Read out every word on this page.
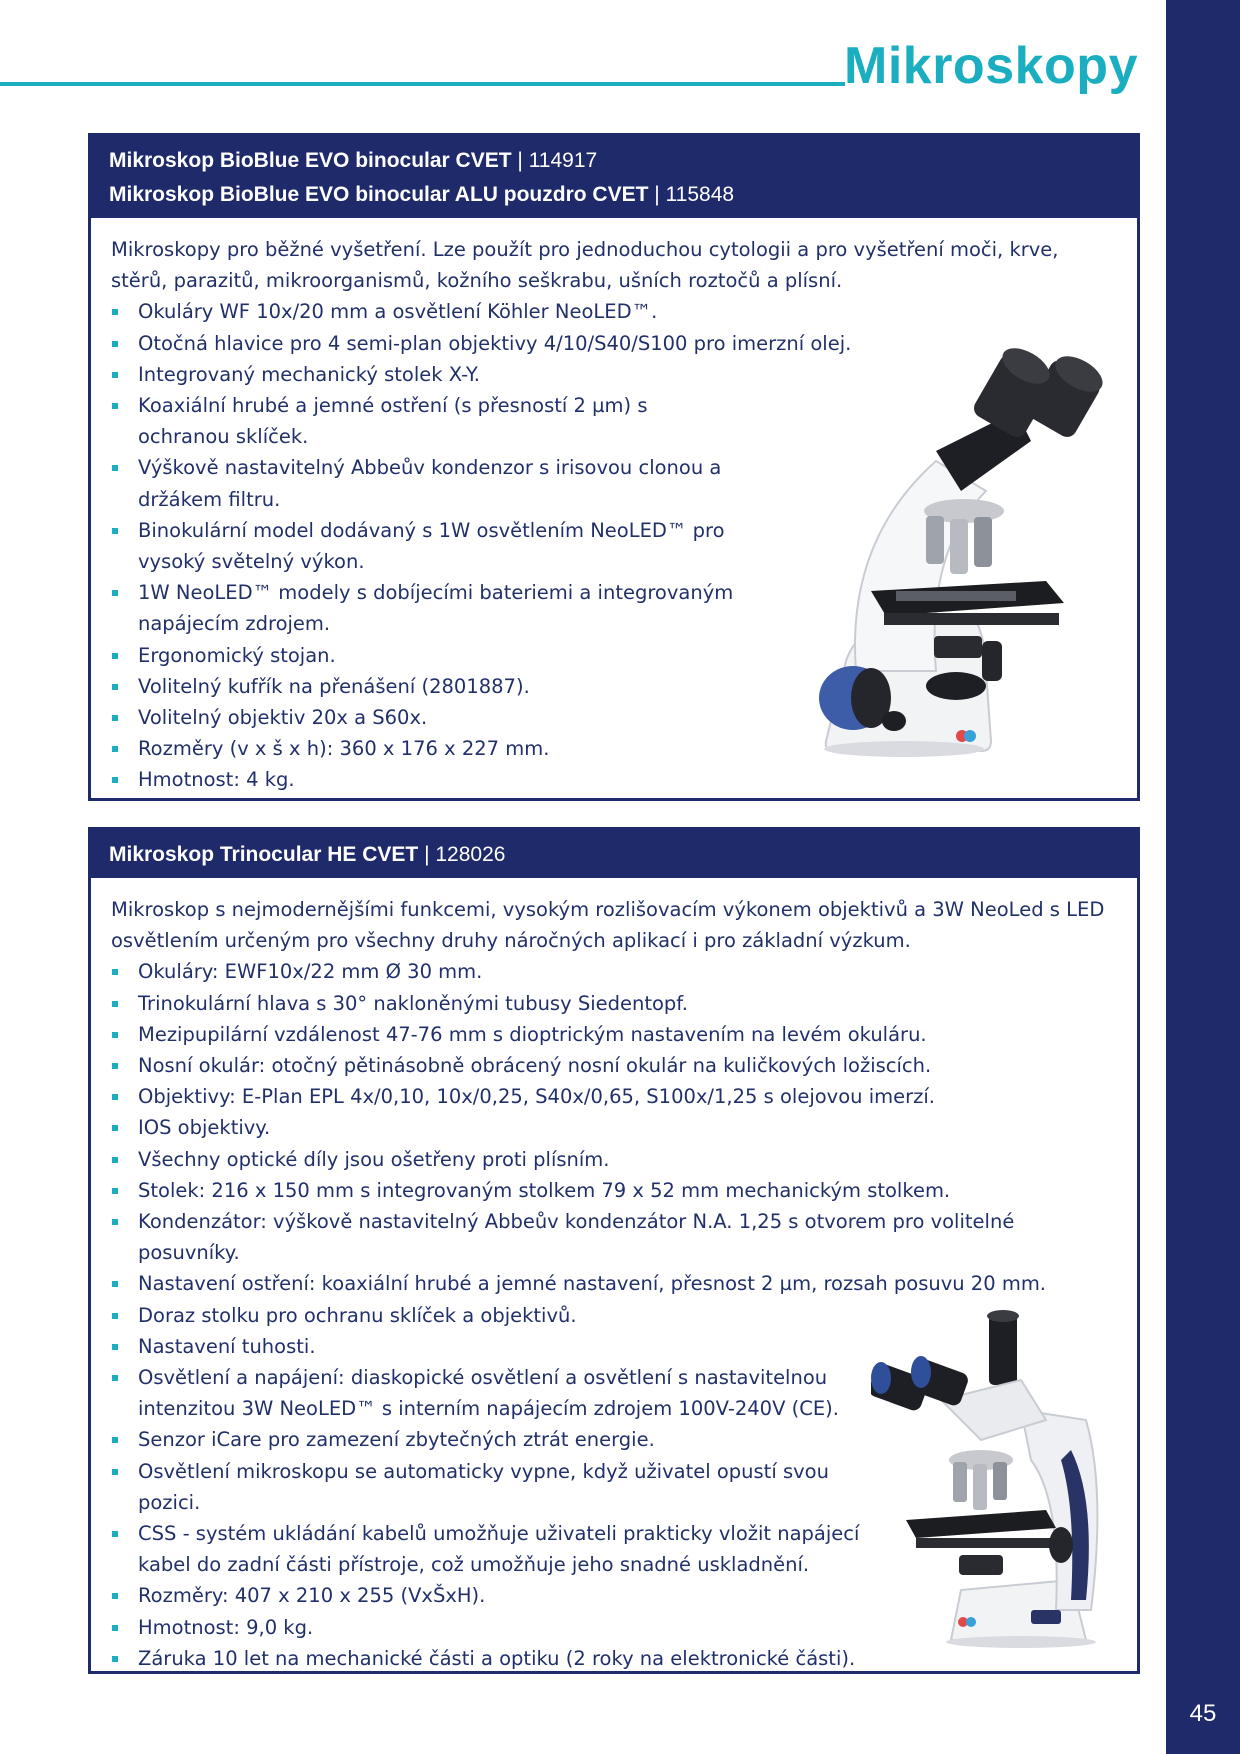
45
Mikroskopy
Mikroskop BioBlue EVO binocular CVET | 114917
Mikroskop BioBlue EVO binocular ALU pouzdro CVET | 115848
Mikroskopy pro běžné vyšetření. Lze použít pro jednoduchou cytologii a pro vyšetření moči, krve, stěrů, parazitů, mikroorganismů, kožního seškrabu, ušních roztočů a plísní.
Okuláry WF 10x/20 mm a osvětlení Köhler NeoLED™.
Otočná hlavice pro 4 semi-plan objektivy 4/10/S40/S100 pro imerzní olej.
Integrovaný mechanický stolek X-Y.
Koaxiální hrubé a jemné ostření (s přesností 2 µm) s ochranou sklíček.
Výškově nastavitelný Abbeův kondenzor s irisovou clonou a držákem filtru.
Binokulární model dodávaný s 1W osvětlením NeoLED™ pro vysoký světelný výkon.
1W NeoLED™ modely s dobíjecími bateriemi a integrovaným napájecím zdrojem.
Ergonomický stojan.
Volitelný kufřík na přenášení (2801887).
Volitelný objektiv 20x a S60x.
Rozměry (v x š x h): 360 x 176 x 227 mm.
Hmotnost: 4 kg.
Mikroskop Trinocular HE CVET | 128026
Mikroskop s nejmodernějšími funkcemi, vysokým rozlišovacím výkonem objektivů a 3W NeoLed s LED osvětlením určeným pro všechny druhy náročných aplikací i pro základní výzkum.
Okuláry: EWF10x/22 mm Ø 30 mm.
Trinokulární hlava s 30° nakloněnými tubusy Siedentopf.
Mezipupilární vzdálenost 47-76 mm s dioptrickým nastavením na levém okuláru.
Nosní okulár: otočný pětinásobně obrácený nosní okulár na kuličkových ložiscích.
Objektivy: E-Plan EPL 4x/0,10, 10x/0,25, S40x/0,65, S100x/1,25 s olejovou imerzí.
IOS objektivy.
Všechny optické díly jsou ošetřeny proti plísním.
Stolek: 216 x 150 mm s integrovaným stolkem 79 x 52 mm mechanickým stolkem.
Kondenzátor: výškově nastavitelný Abbeův kondenzátor N.A. 1,25 s otvorem pro volitelné posuvníky.
Nastavení ostření: koaxiální hrubé a jemné nastavení, přesnost 2 µm, rozsah posuvu 20 mm.
Doraz stolku pro ochranu sklíček a objektivů.
Nastavení tuhosti.
Osvětlení a napájení: diaskopické osvětlení a osvětlení s nastavitelnou intenzitou 3W NeoLED™ s interním napájecím zdrojem 100V-240V (CE).
Senzor iCare pro zamezení zbytečných ztrát energie.
Osvětlení mikroskopu se automaticky vypne, když uživatel opustí svou pozici.
CSS - systém ukládání kabelů umožňuje uživateli prakticky vložit napájecí kabel do zadní části přístroje, což umožňuje jeho snadné uskladnění.
Rozměry: 407 x 210 x 255 (VxŠxH).
Hmotnost: 9,0 kg.
Záruka 10 let na mechanické části a optiku (2 roky na elektronické části).
